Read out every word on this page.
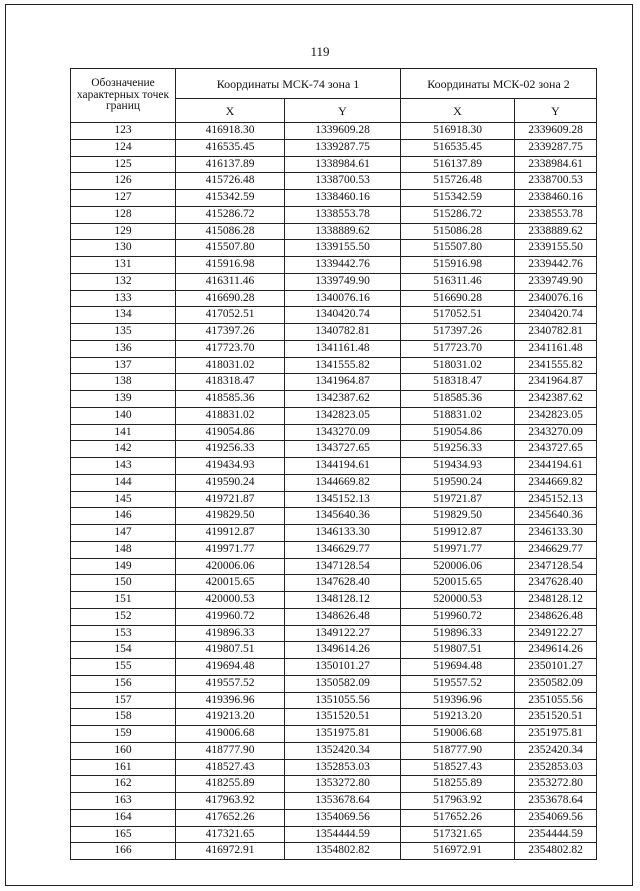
119
Обозначение характерных точек границ	Координаты МСК-74 зона 1		Координаты МСК-02 зона 2	
	X	Y	X	Y
123	416918.30	1339609.28	516918.30	2339609.28
124	416535.45	1339287.75	516535.45	2339287.75
125	416137.89	1338984.61	516137.89	2338984.61
126	415726.48	1338700.53	515726.48	2338700.53
127	415342.59	1338460.16	515342.59	2338460.16
128	415286.72	1338553.78	515286.72	2338553.78
129	415086.28	1338889.62	515086.28	2338889.62
130	415507.80	1339155.50	515507.80	2339155.50
131	415916.98	1339442.76	515916.98	2339442.76
132	416311.46	1339749.90	516311.46	2339749.90
133	416690.28	1340076.16	516690.28	2340076.16
134	417052.51	1340420.74	517052.51	2340420.74
135	417397.26	1340782.81	517397.26	2340782.81
136	417723.70	1341161.48	517723.70	2341161.48
137	418031.02	1341555.82	518031.02	2341555.82
138	418318.47	1341964.87	518318.47	2341964.87
139	418585.36	1342387.62	518585.36	2342387.62
140	418831.02	1342823.05	518831.02	2342823.05
141	419054.86	1343270.09	519054.86	2343270.09
142	419256.33	1343727.65	519256.33	2343727.65
143	419434.93	1344194.61	519434.93	2344194.61
144	419590.24	1344669.82	519590.24	2344669.82
145	419721.87	1345152.13	519721.87	2345152.13
146	419829.50	1345640.36	519829.50	2345640.36
147	419912.87	1346133.30	519912.87	2346133.30
148	419971.77	1346629.77	519971.77	2346629.77
149	420006.06	1347128.54	520006.06	2347128.54
150	420015.65	1347628.40	520015.65	2347628.40
151	420000.53	1348128.12	520000.53	2348128.12
152	419960.72	1348626.48	519960.72	2348626.48
153	419896.33	1349122.27	519896.33	2349122.27
154	419807.51	1349614.26	519807.51	2349614.26
155	419694.48	1350101.27	519694.48	2350101.27
156	419557.52	1350582.09	519557.52	2350582.09
157	419396.96	1351055.56	519396.96	2351055.56
158	419213.20	1351520.51	519213.20	2351520.51
159	419006.68	1351975.81	519006.68	2351975.81
160	418777.90	1352420.34	518777.90	2352420.34
161	418527.43	1352853.03	518527.43	2352853.03
162	418255.89	1353272.80	518255.89	2353272.80
163	417963.92	1353678.64	517963.92	2353678.64
164	417652.26	1354069.56	517652.26	2354069.56
165	417321.65	1354444.59	517321.65	2354444.59
166	416972.91	1354802.82	516972.91	2354802.82
